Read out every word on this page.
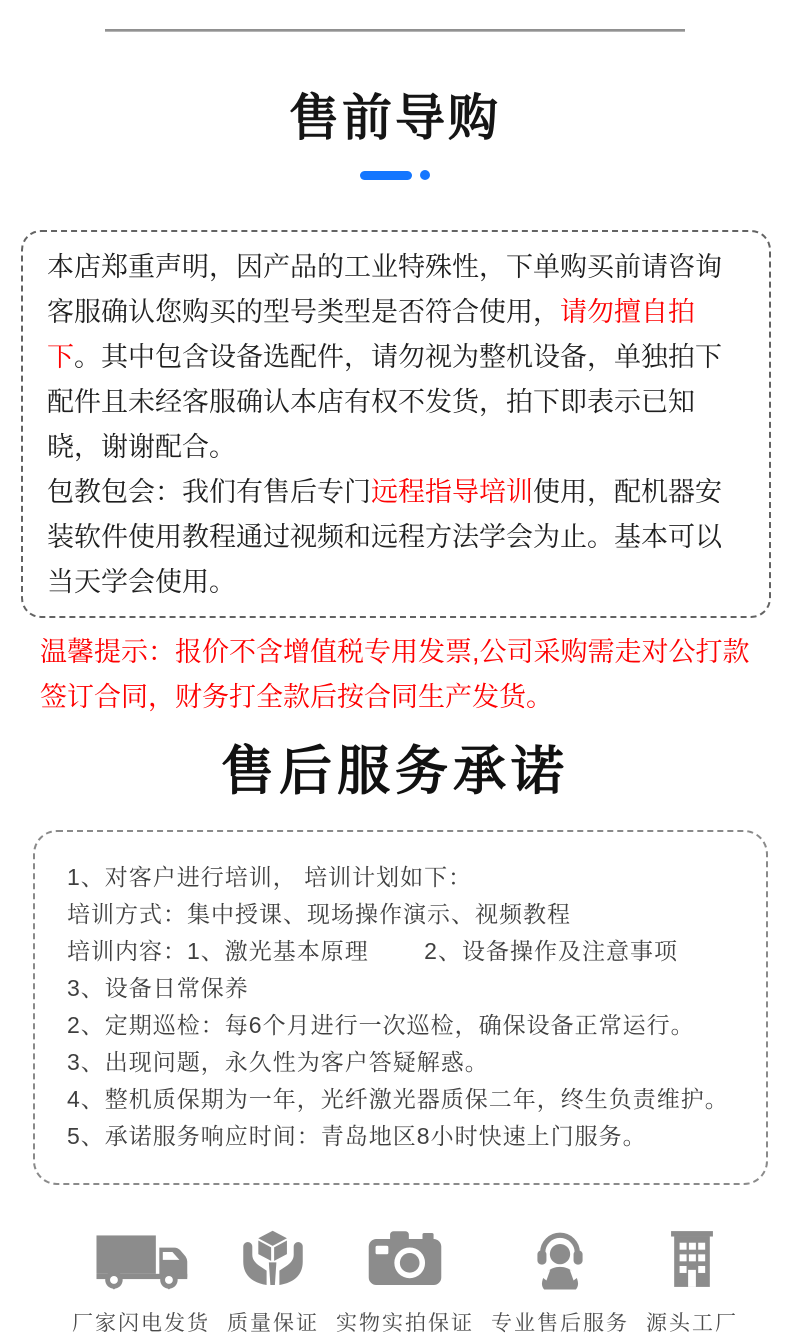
售前导购

本店郑重声明，因产品的工业特殊性，下单购买前请咨询客服确认您购买的型号类型是否符合使用，请勿擅自拍下。其中包含设备选配件，请勿视为整机设备，单独拍下配件且未经客服确认本店有权不发货，拍下即表示已知晓，谢谢配合。

包教包会：我们有售后专门远程指导培训使用，配机器安装软件使用教程通过视频和远程方法学会为止。基本可以当天学会使用。

温馨提示：报价不含增值税专用发票,公司采购需走对公打款签订合同，财务打全款后按合同生产发货。
售后服务承诺
1、对客户进行培训， 培训计划如下：
培训方式：集中授课、现场操作演示、视频教程
培训内容：1、激光基本原理　　 2、设备操作及注意事项　　 3、设备日常保养
2、定期巡检：每6个月进行一次巡检，确保设备正常运行。
3、出现问题，永久性为客户答疑解惑。
4、整机质保期为一年，光纤激光器质保二年，终生负责维护。
5、承诺服务响应时间：青岛地区8小时快速上门服务。
厂家闪电发货 质量保证 实物实拍保证 专业售后服务 源头工厂
